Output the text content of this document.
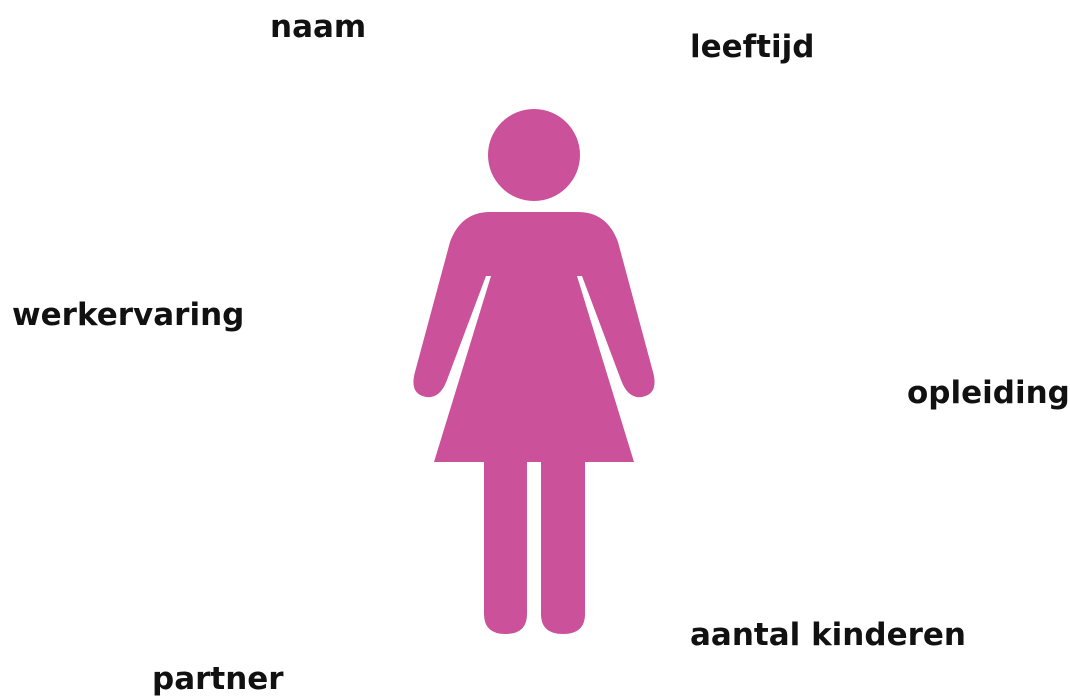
naam
leeftijd
werkervaring
opleiding
aantal kinderen
partner
